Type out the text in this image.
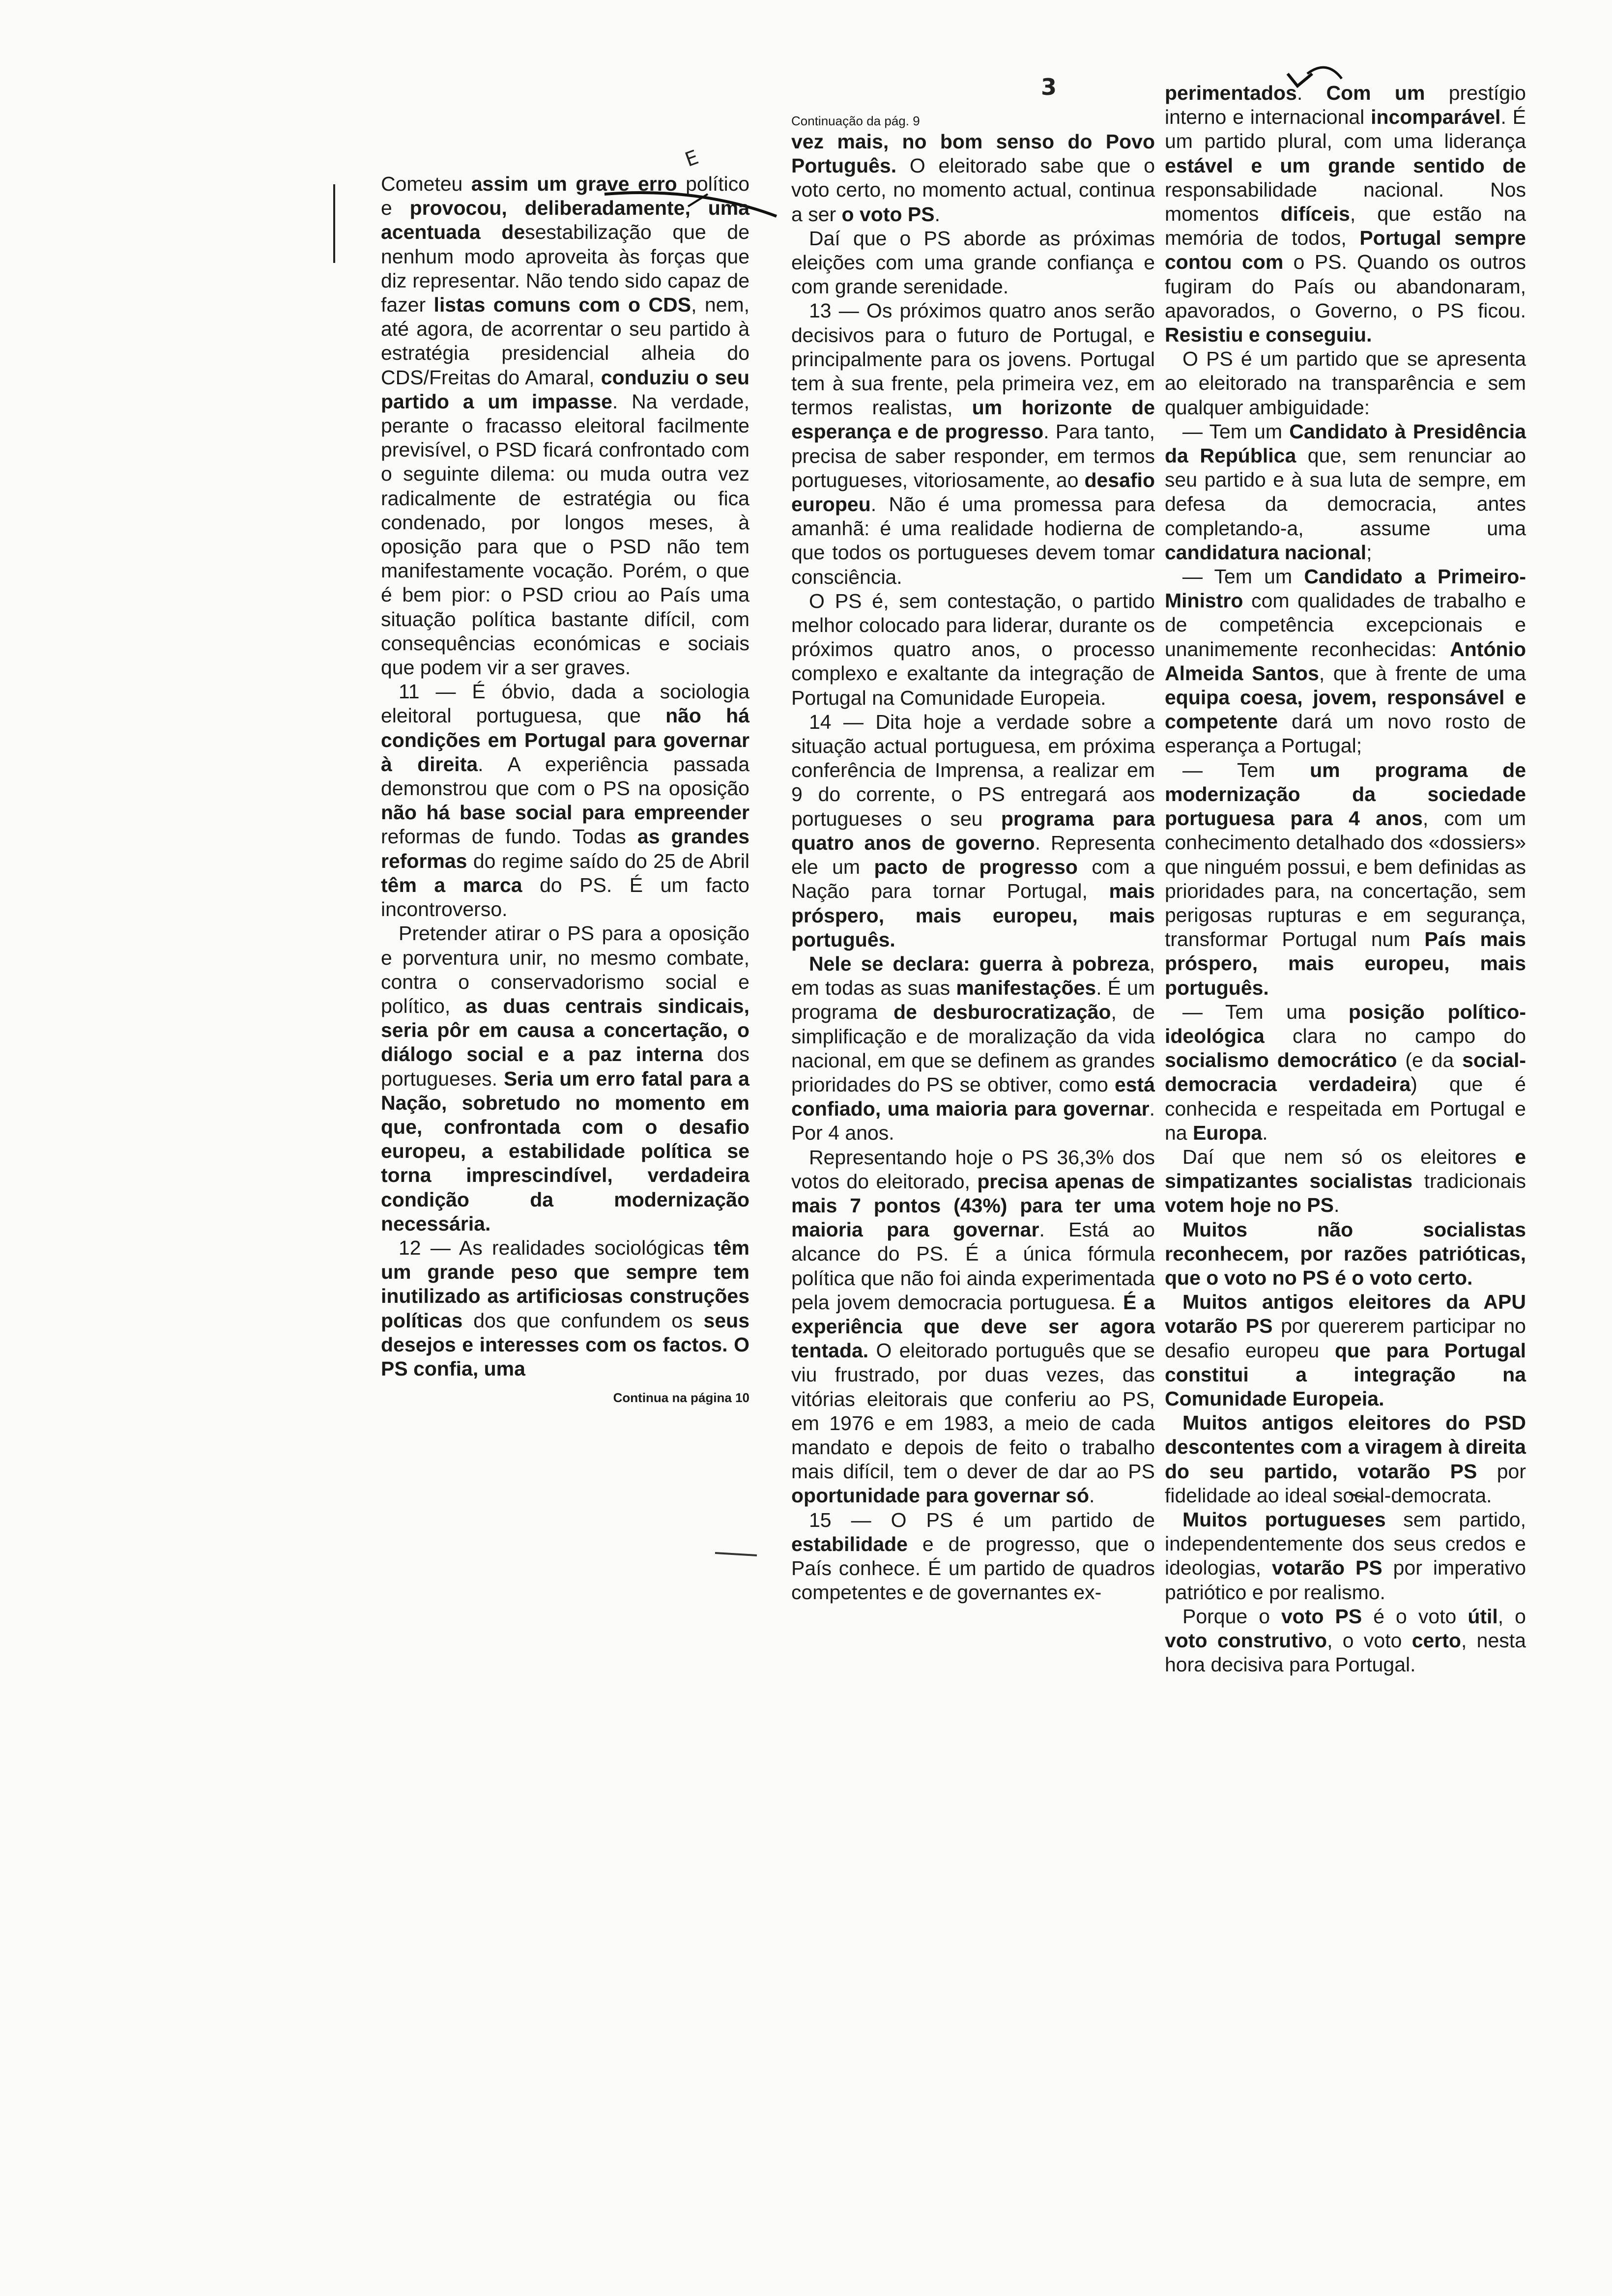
3
E

Cometeu assim um grave erro político e provocou, deliberadamente, uma acentuada desestabilização que de nenhum modo aproveita às forças que diz representar. Não tendo sido capaz de fazer listas comuns com o CDS, nem, até agora, de acorrentar o seu partido à estratégia presidencial alheia do CDS/Freitas do Amaral, conduziu o seu partido a um impasse. Na verdade, perante o fracasso eleitoral facilmente previsível, o PSD ficará confrontado com o seguinte dilema: ou muda outra vez radicalmente de estratégia ou fica condenado, por longos meses, à oposição para que o PSD não tem manifestamente vocação. Porém, o que é bem pior: o PSD criou ao País uma situação política bastante difícil, com consequências económicas e sociais que podem vir a ser graves.

11 — É óbvio, dada a sociologia eleitoral portuguesa, que não há condições em Portugal para governar à direita. A experiência passada demonstrou que com o PS na oposição não há base social para empreender reformas de fundo. Todas as grandes reformas do regime saído do 25 de Abril têm a marca do PS. É um facto incontroverso.

Pretender atirar o PS para a oposição e porventura unir, no mesmo combate, contra o conservadorismo social e político, as duas centrais sindicais, seria pôr em causa a concertação, o diálogo social e a paz interna dos portugueses. Seria um erro fatal para a Nação, sobretudo no momento em que, confrontada com o desafio europeu, a estabilidade política se torna imprescindível, verdadeira condição da modernização necessária.

12 — As realidades sociológicas têm um grande peso que sempre tem inutilizado as artificiosas construções políticas dos que confundem os seus desejos e interesses com os factos. O PS confia, uma

Continua na página 10
Continuação da pág. 9

vez mais, no bom senso do Povo Português. O eleitorado sabe que o voto certo, no momento actual, continua a ser o voto PS.

Daí que o PS aborde as próximas eleições com uma grande confiança e com grande serenidade.

13 — Os próximos quatro anos serão decisivos para o futuro de Portugal, e principalmente para os jovens. Portugal tem à sua frente, pela primeira vez, em termos realistas, um horizonte de esperança e de progresso. Para tanto, precisa de saber responder, em termos portugueses, vitoriosamente, ao desafio europeu. Não é uma promessa para amanhã: é uma realidade hodierna de que todos os portugueses devem tomar consciência.

O PS é, sem contestação, o partido melhor colocado para liderar, durante os próximos quatro anos, o processo complexo e exaltante da integração de Portugal na Comunidade Europeia.

14 — Dita hoje a verdade sobre a situação actual portuguesa, em próxima conferência de Imprensa, a realizar em 9 do corrente, o PS entregará aos portugueses o seu programa para quatro anos de governo. Representa ele um pacto de progresso com a Nação para tornar Portugal, mais próspero, mais europeu, mais português.

Nele se declara: guerra à pobreza, em todas as suas manifestações. É um programa de desburocratização, de simplificação e de moralização da vida nacional, em que se definem as grandes prioridades do PS se obtiver, como está confiado, uma maioria para governar. Por 4 anos.

Representando hoje o PS 36,3% dos votos do eleitorado, precisa apenas de mais 7 pontos (43%) para ter uma maioria para governar. Está ao alcance do PS. É a única fórmula política que não foi ainda experimentada pela jovem democracia portuguesa. É a experiência que deve ser agora tentada. O eleitorado português que se viu frustrado, por duas vezes, das vitórias eleitorais que conferiu ao PS, em 1976 e em 1983, a meio de cada mandato e depois de feito o trabalho mais difícil, tem o dever de dar ao PS oportunidade para governar só.

15 — O PS é um partido de estabilidade e de progresso, que o País conhece. É um partido de quadros competentes e de governantes ex-

perimentados. Com um prestígio interno e internacional incomparável. É um partido plural, com uma liderança estável e um grande sentido de responsabilidade nacional. Nos momentos difíceis, que estão na memória de todos, Portugal sempre contou com o PS. Quando os outros fugiram do País ou abandonaram, apavorados, o Governo, o PS ficou. Resistiu e conseguiu.

O PS é um partido que se apresenta ao eleitorado na transparência e sem qualquer ambiguidade:

— Tem um Candidato à Presidência da República que, sem renunciar ao seu partido e à sua luta de sempre, em defesa da democracia, antes completando-a, assume uma candidatura nacional;

— Tem um Candidato a Primeiro-Ministro com qualidades de trabalho e de competência excepcionais e unanimemente reconhecidas: António Almeida Santos, que à frente de uma equipa coesa, jovem, responsável e competente dará um novo rosto de esperança a Portugal;

— Tem um programa de modernização da sociedade portuguesa para 4 anos, com um conhecimento detalhado dos «dossiers» que ninguém possui, e bem definidas as prioridades para, na concertação, sem perigosas rupturas e em segurança, transformar Portugal num País mais próspero, mais europeu, mais português.

— Tem uma posição político-ideológica clara no campo do socialismo democrático (e da social-democracia verdadeira) que é conhecida e respeitada em Portugal e na Europa.

Daí que nem só os eleitores e simpatizantes socialistas tradicionais votem hoje no PS.

Muitos não socialistas reconhecem, por razões patrióticas, que o voto no PS é o voto certo.

Muitos antigos eleitores da APU votarão PS por quererem participar no desafio europeu que para Portugal constitui a integração na Comunidade Europeia.

Muitos antigos eleitores do PSD descontentes com a viragem à direita do seu partido, votarão PS por fidelidade ao ideal social-democrata.

Muitos portugueses sem partido, independentemente dos seus credos e ideologias, votarão PS por imperativo patriótico e por realismo.

Porque o voto PS é o voto útil, o voto construtivo, o voto certo, nesta hora decisiva para Portugal.
